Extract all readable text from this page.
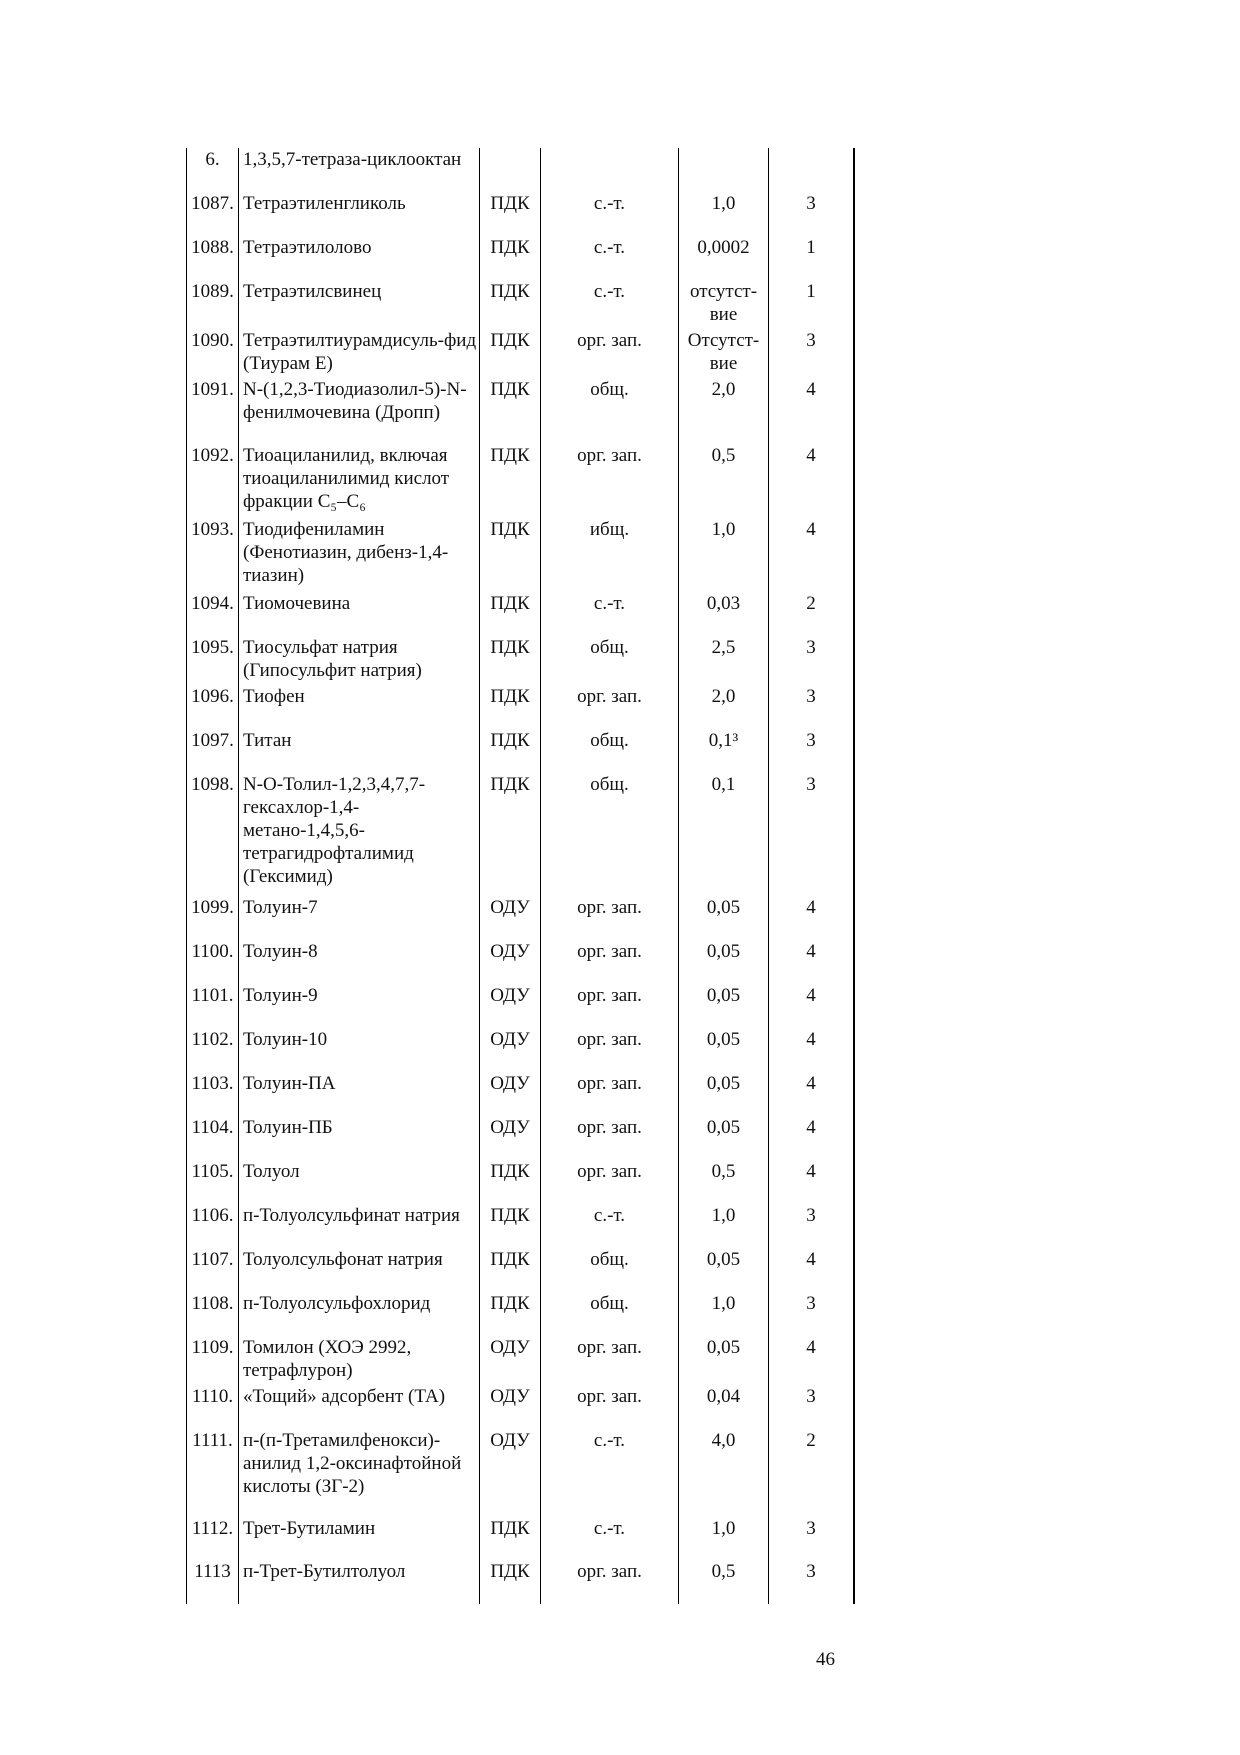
6.	1,3,5,7-тетраза-циклооктан				
1087.	Тетраэтиленгликоль	ПДК	с.-т.	1,0	3
1088.	Тетраэтилолово	ПДК	с.-т.	0,0002	1
1089.	Тетраэтилсвинец	ПДК	с.-т.	отсутст-вие	1
1090.	Тетраэтилтиурамдисуль-фид (Тиурам Е)	ПДК	орг. зап.	Отсутст-вие	3
1091.	N-(1,2,3-Тиодиазолил-5)-N-фенилмочевина (Дропп)	ПДК	общ.	2,0	4
1092.	Тиоациланилид, включая тиоациланилимид кислот фракции C₅–C₆	ПДК	орг. зап.	0,5	4
1093.	Тиодифениламин (Фенотиазин, дибенз-1,4-тиазин)	ПДК	ибщ.	1,0	4
1094.	Тиомочевина	ПДК	с.-т.	0,03	2
1095.	Тиосульфат натрия (Гипосульфит натрия)	ПДК	общ.	2,5	3
1096.	Тиофен	ПДК	орг. зап.	2,0	3
1097.	Титан	ПДК	общ.	0,1³	3
1098.	N-O-Толил-1,2,3,4,7,7-гексахлор-1,4-метано-1,4,5,6-тетрагидрофталимид (Гексимид)	ПДК	общ.	0,1	3
1099.	Толуин-7	ОДУ	орг. зап.	0,05	4
1100.	Толуин-8	ОДУ	орг. зап.	0,05	4
1101.	Толуин-9	ОДУ	орг. зап.	0,05	4
1102.	Толуин-10	ОДУ	орг. зап.	0,05	4
1103.	Толуин-ПА	ОДУ	орг. зап.	0,05	4
1104.	Толуин-ПБ	ОДУ	орг. зап.	0,05	4
1105.	Толуол	ПДК	орг. зап.	0,5	4
1106.	п-Толуолсульфинат натрия	ПДК	с.-т.	1,0	3
1107.	Толуолсульфонат натрия	ПДК	общ.	0,05	4
1108.	п-Толуолсульфохлорид	ПДК	общ.	1,0	3
1109.	Томилон (ХОЭ 2992, тетрафлурон)	ОДУ	орг. зап.	0,05	4
1110.	«Тощий» адсорбент (ТА)	ОДУ	орг. зап.	0,04	3
1111.	п-(п-Третамилфенокси)-анилид 1,2-оксинафтойной кислоты (ЗГ-2)	ОДУ	с.-т.	4,0	2
1112.	Трет-Бутиламин	ПДК	с.-т.	1,0	3
1113	п-Трет-Бутилтолуол	ПДК	орг. зап.	0,5	3
46
